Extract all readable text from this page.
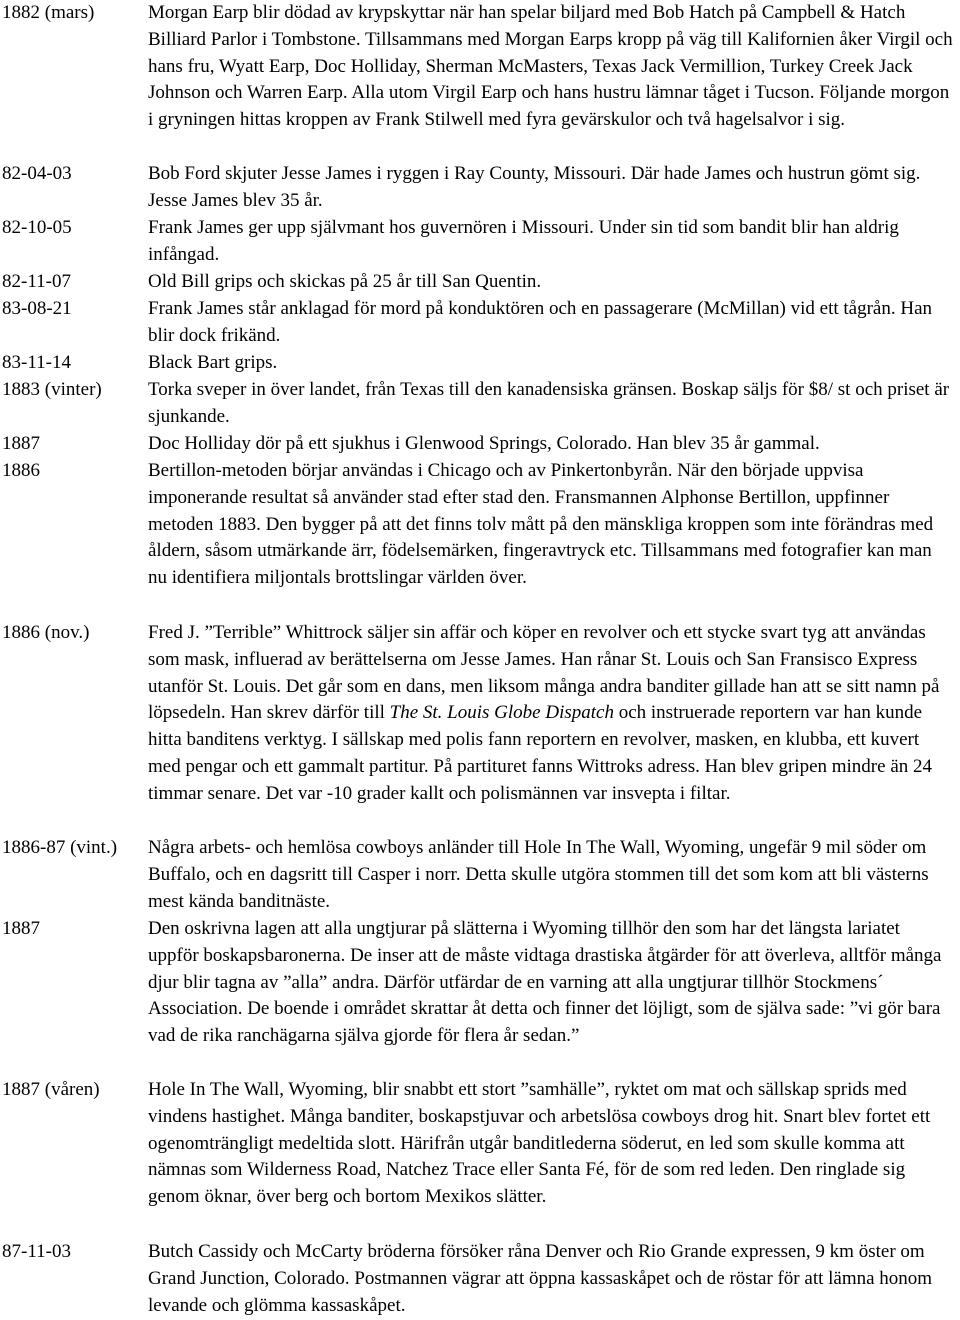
1882 (mars)	Morgan Earp blir dödad av krypskyttar när han spelar biljard med Bob Hatch på Campbell & Hatch Billiard Parlor i Tombstone. Tillsammans med Morgan Earps kropp på väg till Kalifornien åker Virgil och hans fru, Wyatt Earp, Doc Holliday, Sherman McMasters, Texas Jack Vermillion, Turkey Creek Jack Johnson och Warren Earp. Alla utom Virgil Earp och hans hustru lämnar tåget i Tucson. Följande morgon i gryningen hittas kroppen av Frank Stilwell med fyra gevärskulor och två hagelsalvor i sig.

82-04-03	Bob Ford skjuter Jesse James i ryggen i Ray County, Missouri. Där hade James och hustrun gömt sig. Jesse James blev 35 år.

82-10-05	Frank James ger upp självmant hos guvernören i Missouri. Under sin tid som bandit blir han aldrig infångad.

82-11-07	Old Bill grips och skickas på 25 år till San Quentin.

83-08-21	Frank James står anklagad för mord på konduktören och en passagerare (McMillan) vid ett tågrån. Han blir dock frikänd.

83-11-14	Black Bart grips.

1883 (vinter)	Torka sveper in över landet, från Texas till den kanadensiska gränsen. Boskap säljs för $8/ st och priset är sjunkande.

1887	Doc Holliday dör på ett sjukhus i Glenwood Springs, Colorado. Han blev 35 år gammal.

1886	Bertillon-metoden börjar användas i Chicago och av Pinkertonbyrån. När den började uppvisa imponerande resultat så använder stad efter stad den. Fransmannen Alphonse Bertillon, uppfinner metoden 1883. Den bygger på att det finns tolv mått på den mänskliga kroppen som inte förändras med åldern, såsom utmärkande ärr, födelsemärken, fingeravtryck etc. Tillsammans med fotografier kan man nu identifiera miljontals brottslingar världen över.

1886 (nov.)	Fred J. ”Terrible” Whittrock säljer sin affär och köper en revolver och ett stycke svart tyg att användas som mask, influerad av berättelserna om Jesse James. Han rånar St. Louis och San Fransisco Express utanför St. Louis. Det går som en dans, men liksom många andra banditer gillade han att se sitt namn på löpsedeln. Han skrev därför till The St. Louis Globe Dispatch och instruerade reportern var han kunde hitta banditens verktyg. I sällskap med polis fann reportern en revolver, masken, en klubba, ett kuvert med pengar och ett gammalt partitur. På partituret fanns Wittroks adress. Han blev gripen mindre än 24 timmar senare. Det var -10 grader kallt och polismännen var insvepta i filtar.

1886-87 (vint.)	Några arbets- och hemlösa cowboys anländer till Hole In The Wall, Wyoming, ungefär 9 mil söder om Buffalo, och en dagsritt till Casper i norr. Detta skulle utgöra stommen till det som kom att bli västerns mest kända banditnäste.

1887	Den oskrivna lagen att alla ungtjurar på slätterna i Wyoming tillhör den som har det längsta lariatet uppför boskapsbaronerna. De inser att de måste vidtaga drastiska åtgärder för att överleva, alltför många djur blir tagna av ”alla” andra. Därför utfärdar de en varning att alla ungtjurar tillhör Stockmens´ Association. De boende i området skrattar åt detta och finner det löjligt, som de själva sade: ”vi gör bara vad de rika ranchägarna själva gjorde för flera år sedan.”

1887 (våren)	Hole In The Wall, Wyoming, blir snabbt ett stort ”samhälle”, ryktet om mat och sällskap sprids med vindens hastighet. Många banditer, boskapstjuvar och arbetslösa cowboys drog hit. Snart blev fortet ett ogenomträngligt medeltida slott. Härifrån utgår banditlederna söderut, en led som skulle komma att nämnas som Wilderness Road, Natchez Trace eller Santa Fé, för de som red leden. Den ringlade sig genom öknar, över berg och bortom Mexikos slätter.

87-11-03	Butch Cassidy och McCarty bröderna försöker råna Denver och Rio Grande expressen, 9 km öster om Grand Junction, Colorado. Postmannen vägrar att öppna kassaskåpet och de röstar för att lämna honom levande och glömma kassaskåpet.
